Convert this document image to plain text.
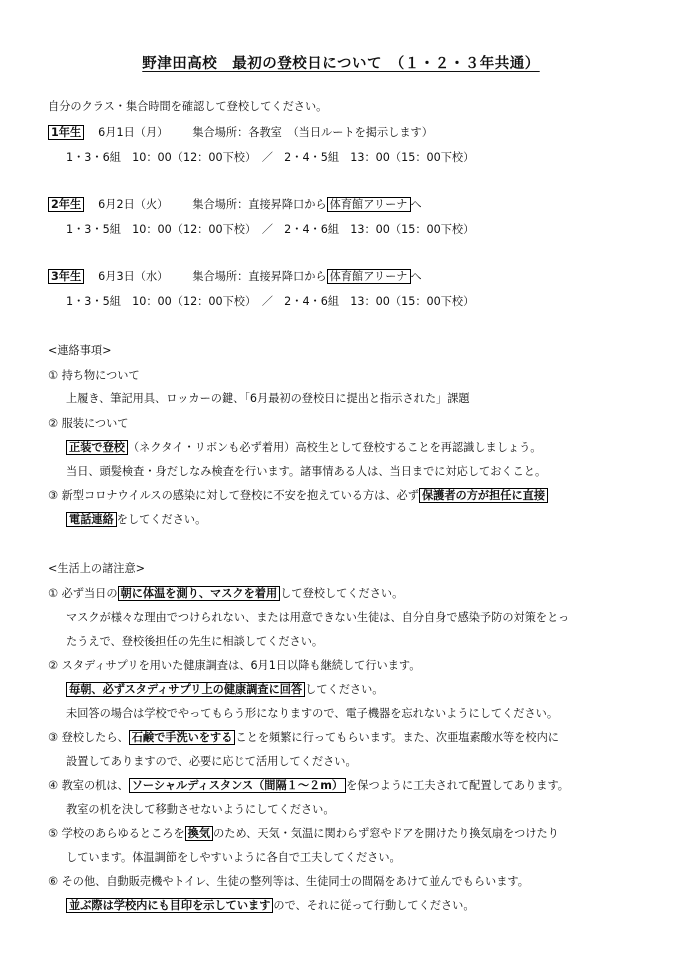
野津田高校　最初の登校日について　（１・２・３年共通）
自分のクラス・集合時間を確認して登校してください。
1年生 6月1日（月） 集合場所：各教室　（当日ルートを掲示します）
1・3・6組　10：00（12：00下校）　／　2・4・5組　13：00（15：00下校）
2年生 6月2日（火） 集合場所：直接昇降口から 体育館アリーナ へ
1・3・5組　10：00（12：00下校）　／　2・4・6組　13：00（15：00下校）
3年生 6月3日（水） 集合場所：直接昇降口から 体育館アリーナ へ
1・3・5組　10：00（12：00下校）　／　2・4・6組　13：00（15：00下校）
<連絡事項>
① 持ち物について
上履き、筆記用具、ロッカーの鍵、「6月最初の登校日に提出と指示された」課題
② 服装について
正装で登校 （ネクタイ・リボンも必ず着用）高校生として登校することを再認識しましょう。
当日、頭髪検査・身だしなみ検査を行います。諸事情ある人は、当日までに対応しておくこと。
③ 新型コロナウイルスの感染に対して登校に不安を抱えている方は、必ず 保護者の方が担任に直接
電話連絡 をしてください。
<生活上の諸注意>
① 必ず当日の 朝に体温を測り、マスクを着用 して登校してください。
マスクが様々な理由でつけられない、または用意できない生徒は、自分自身で感染予防の対策をとっ
たうえで、登校後担任の先生に相談してください。
② スタディサプリを用いた健康調査は、6月1日以降も継続して行います。
毎朝、必ずスタディサプリ上の健康調査に回答 してください。
未回答の場合は学校でやってもらう形になりますので、電子機器を忘れないようにしてください。
③ 登校したら、 石鹸で手洗いをする ことを頻繁に行ってもらいます。また、次亜塩素酸水等を校内に
設置してありますので、必要に応じて活用してください。
④ 教室の机は、 ソーシャルディスタンス（間隔１～２m） を保つように工夫されて配置してあります。
教室の机を決して移動させないようにしてください。
⑤ 学校のあらゆるところを 換気 のため、天気・気温に関わらず窓やドアを開けたり換気扇をつけたり
しています。体温調節をしやすいように各自で工夫してください。
⑥ その他、自動販売機やトイレ、生徒の整列等は、生徒同士の間隔をあけて並んでもらいます。
並ぶ際は学校内にも目印を示しています ので、それに従って行動してください。
